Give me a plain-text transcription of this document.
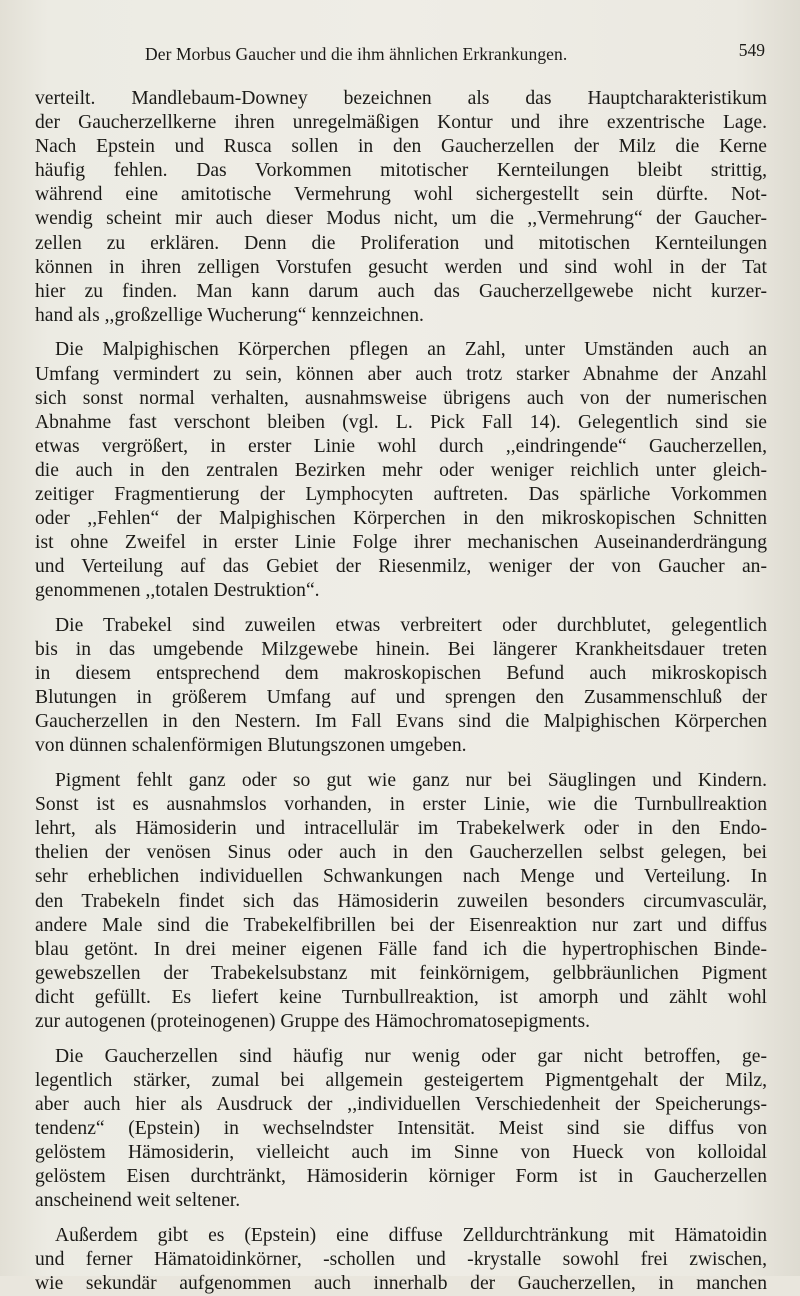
Der Morbus Gaucher und die ihm ähnlichen Erkrankungen.	549
verteilt. Mandlebaum-Downey bezeichnen als das Hauptcharakteristikum
der Gaucherzellkerne ihren unregelmäßigen Kontur und ihre exzentrische Lage.
Nach Epstein und Rusca sollen in den Gaucherzellen der Milz die Kerne
häufig fehlen. Das Vorkommen mitotischer Kernteilungen bleibt strittig,
während eine amitotische Vermehrung wohl sichergestellt sein dürfte. Not-
wendig scheint mir auch dieser Modus nicht, um die ,,Vermehrung“ der Gaucher-
zellen zu erklären. Denn die Proliferation und mitotischen Kernteilungen
können in ihren zelligen Vorstufen gesucht werden und sind wohl in der Tat
hier zu finden. Man kann darum auch das Gaucherzellgewebe nicht kurzer-
hand als ,,großzellige Wucherung“ kennzeichnen.
Die Malpighischen Körperchen pflegen an Zahl, unter Umständen auch an
Umfang vermindert zu sein, können aber auch trotz starker Abnahme der Anzahl
sich sonst normal verhalten, ausnahmsweise übrigens auch von der numerischen
Abnahme fast verschont bleiben (vgl. L. Pick Fall 14). Gelegentlich sind sie
etwas vergrößert, in erster Linie wohl durch ,,eindringende“ Gaucherzellen,
die auch in den zentralen Bezirken mehr oder weniger reichlich unter gleich-
zeitiger Fragmentierung der Lymphocyten auftreten. Das spärliche Vorkommen
oder ,,Fehlen“ der Malpighischen Körperchen in den mikroskopischen Schnitten
ist ohne Zweifel in erster Linie Folge ihrer mechanischen Auseinanderdrängung
und Verteilung auf das Gebiet der Riesenmilz, weniger der von Gaucher an-
genommenen ,,totalen Destruktion“.
Die Trabekel sind zuweilen etwas verbreitert oder durchblutet, gelegentlich
bis in das umgebende Milzgewebe hinein. Bei längerer Krankheitsdauer treten
in diesem entsprechend dem makroskopischen Befund auch mikroskopisch
Blutungen in größerem Umfang auf und sprengen den Zusammenschluß der
Gaucherzellen in den Nestern. Im Fall Evans sind die Malpighischen Körperchen
von dünnen schalenförmigen Blutungszonen umgeben.
Pigment fehlt ganz oder so gut wie ganz nur bei Säuglingen und Kindern.
Sonst ist es ausnahmslos vorhanden, in erster Linie, wie die Turnbullreaktion
lehrt, als Hämosiderin und intracellulär im Trabekelwerk oder in den Endo-
thelien der venösen Sinus oder auch in den Gaucherzellen selbst gelegen, bei
sehr erheblichen individuellen Schwankungen nach Menge und Verteilung. In
den Trabekeln findet sich das Hämosiderin zuweilen besonders circumvasculär,
andere Male sind die Trabekelfibrillen bei der Eisenreaktion nur zart und diffus
blau getönt. In drei meiner eigenen Fälle fand ich die hypertrophischen Binde-
gewebszellen der Trabekelsubstanz mit feinkörnigem, gelbbräunlichen Pigment
dicht gefüllt. Es liefert keine Turnbullreaktion, ist amorph und zählt wohl
zur autogenen (proteinogenen) Gruppe des Hämochromatosepigments.
Die Gaucherzellen sind häufig nur wenig oder gar nicht betroffen, ge-
legentlich stärker, zumal bei allgemein gesteigertem Pigmentgehalt der Milz,
aber auch hier als Ausdruck der ,,individuellen Verschiedenheit der Speicherungs-
tendenz“ (Epstein) in wechselndster Intensität. Meist sind sie diffus von
gelöstem Hämosiderin, vielleicht auch im Sinne von Hueck von kolloidal
gelöstem Eisen durchtränkt, Hämosiderin körniger Form ist in Gaucherzellen
anscheinend weit seltener.
Außerdem gibt es (Epstein) eine diffuse Zelldurchtränkung mit Hämatoidin
und ferner Hämatoidinkörner, -schollen und -krystalle sowohl frei zwischen,
wie sekundär aufgenommen auch innerhalb der Gaucherzellen, in manchen
